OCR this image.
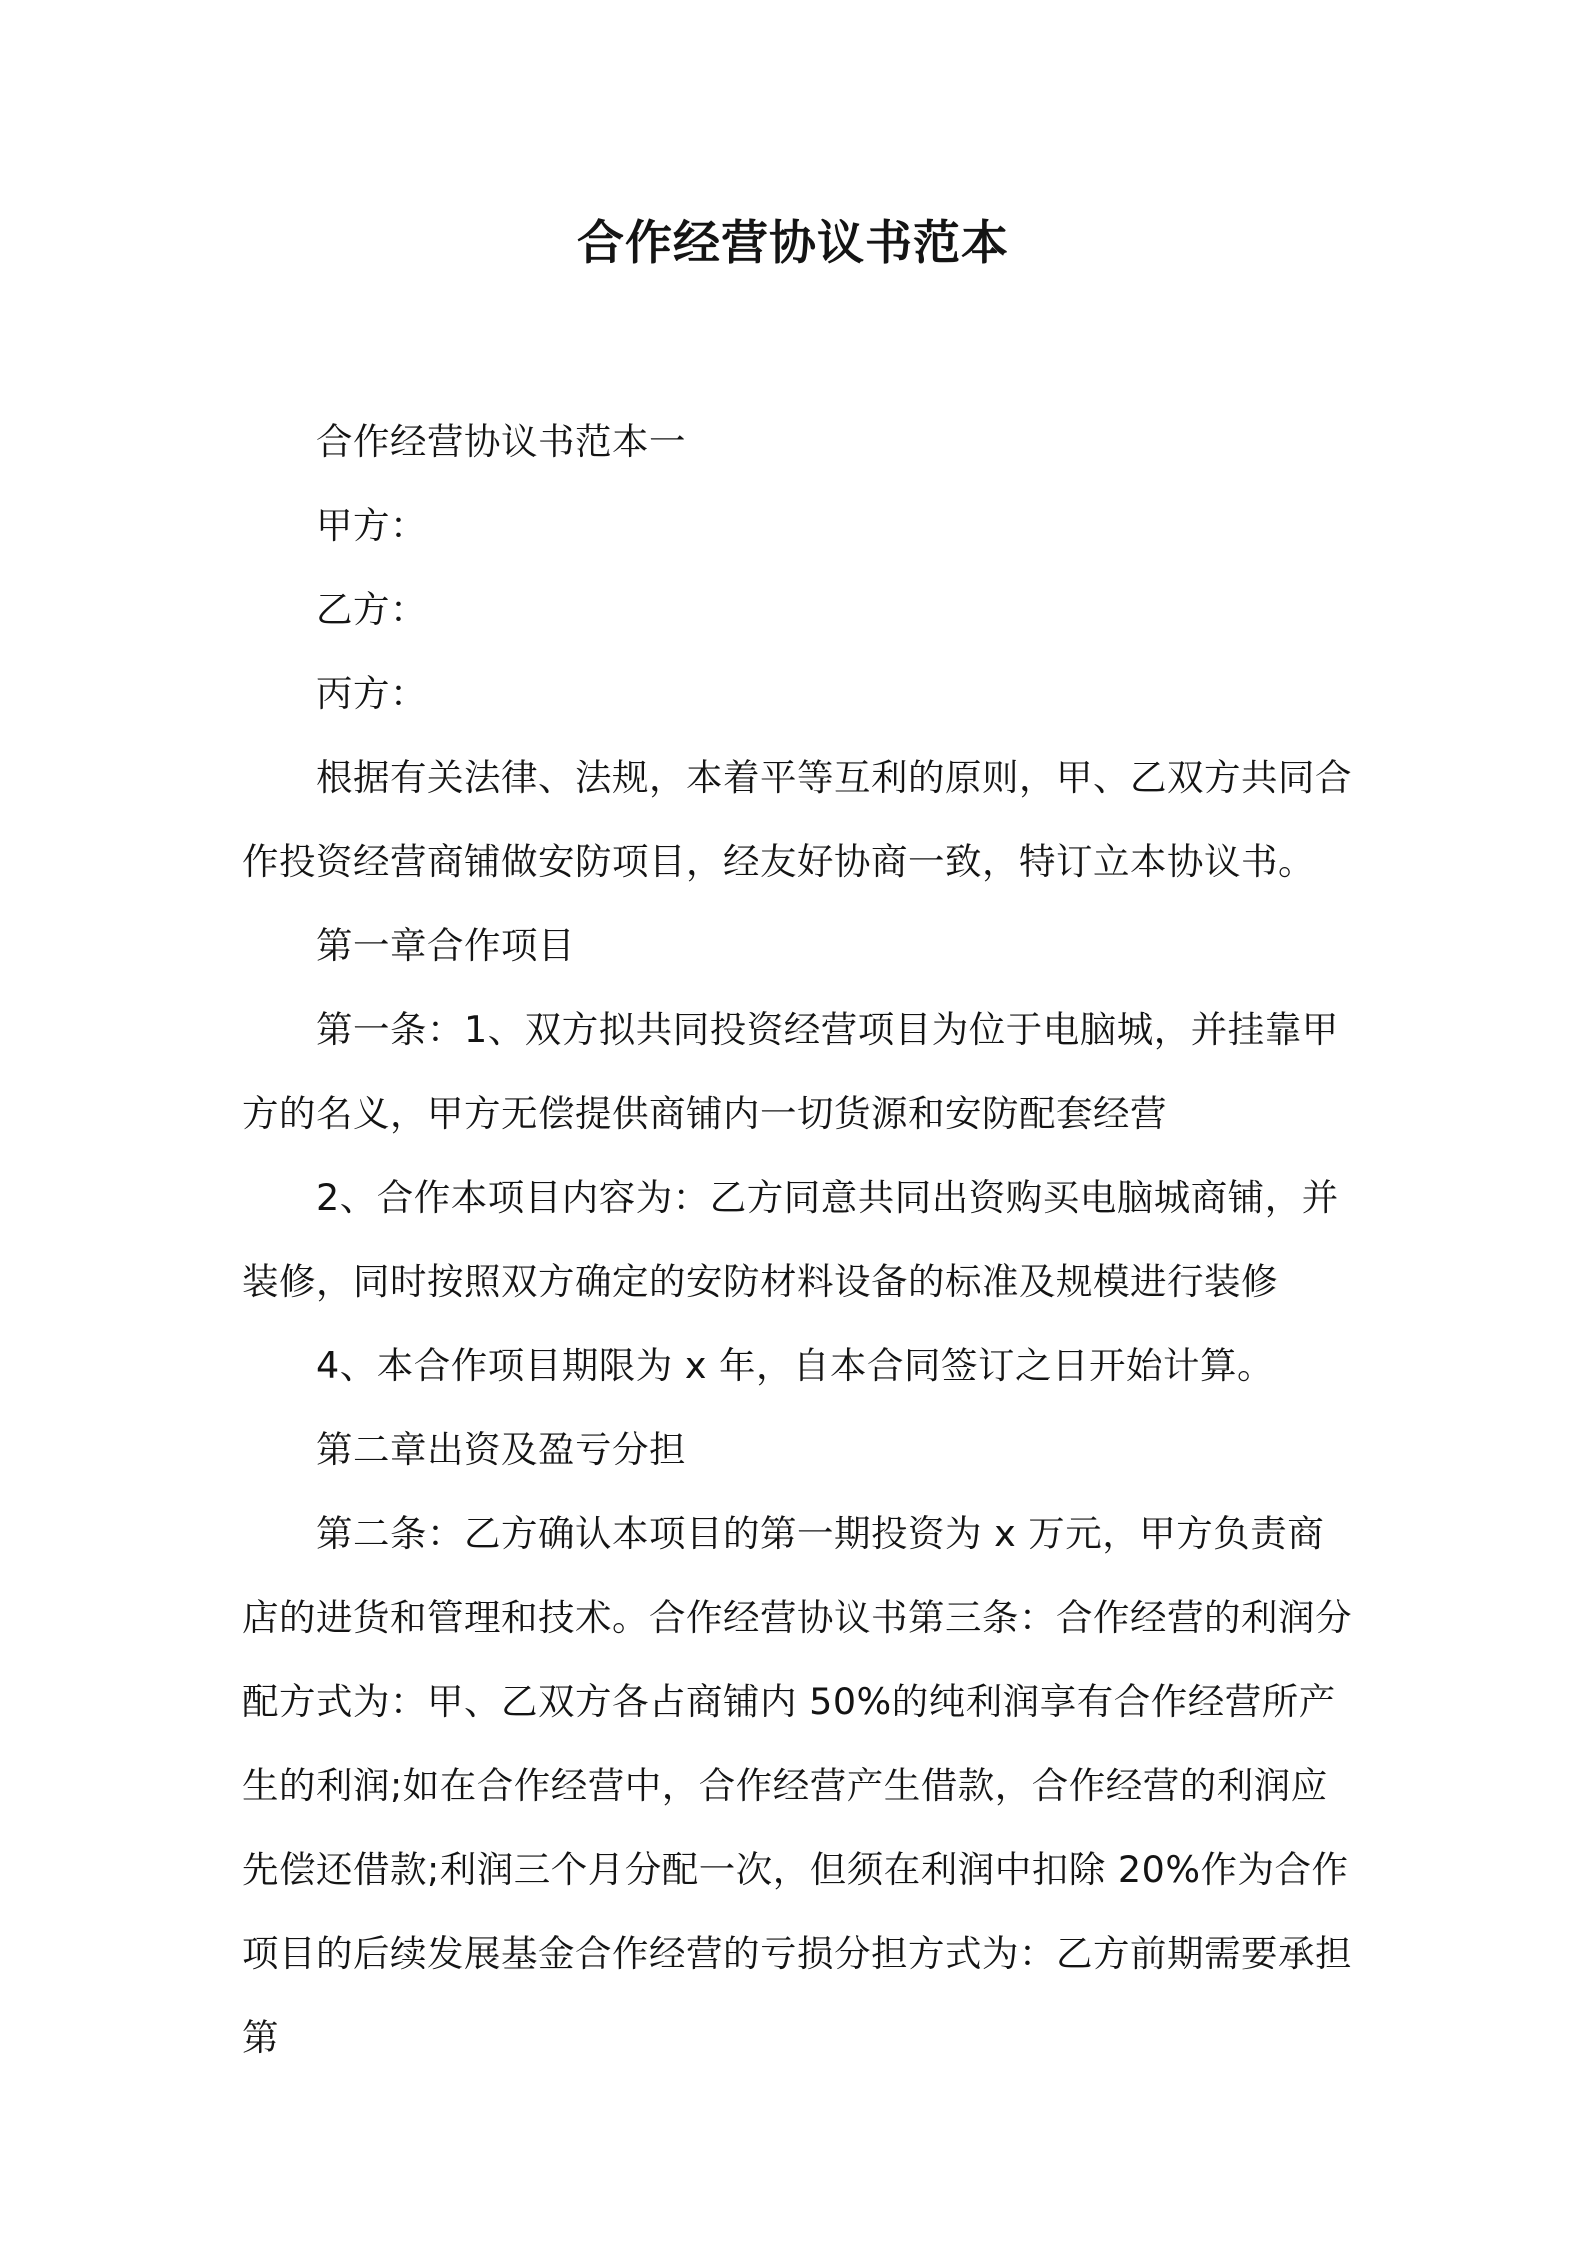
合作经营协议书范本

合作经营协议书范本一

甲方：

乙方：

丙方：

根据有关法律、法规，本着平等互利的原则，甲、乙双方共同合作投资经营商铺做安防项目，经友好协商一致，特订立本协议书。

第一章合作项目

第一条：1、双方拟共同投资经营项目为位于电脑城，并挂靠甲方的名义，甲方无偿提供商铺内一切货源和安防配套经营

2、合作本项目内容为：乙方同意共同出资购买电脑城商铺，并装修，同时按照双方确定的安防材料设备的标准及规模进行装修

4、本合作项目期限为 x 年，自本合同签订之日开始计算。

第二章出资及盈亏分担

第二条：乙方确认本项目的第一期投资为 x 万元，甲方负责商店的进货和管理和技术。合作经营协议书第三条：合作经营的利润分配方式为：甲、乙双方各占商铺内 50%的纯利润享有合作经营所产生的利润;如在合作经营中，合作经营产生借款，合作经营的利润应先偿还借款;利润三个月分配一次，但须在利润中扣除 20%作为合作项目的后续发展基金合作经营的亏损分担方式为：乙方前期需要承担第
